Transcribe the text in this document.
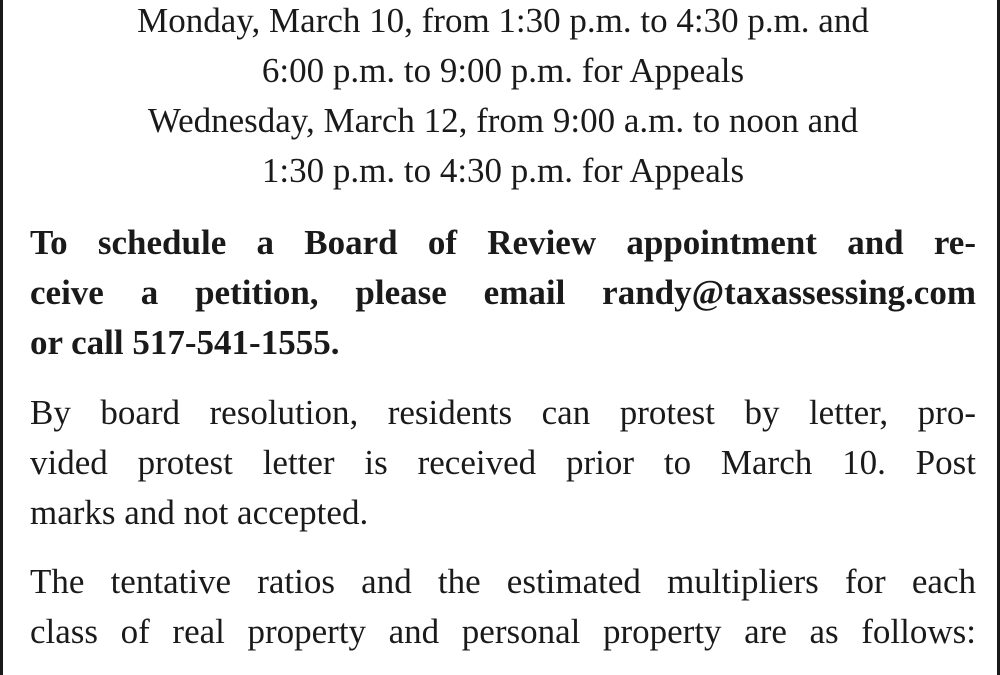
Monday, March 10, from 1:30 p.m. to 4:30 p.m. and
6:00 p.m. to 9:00 p.m. for Appeals
Wednesday, March 12, from 9:00 a.m. to noon and
1:30 p.m. to 4:30 p.m. for Appeals
To schedule a Board of Review appointment and re-
ceive a petition, please email randy@taxassessing.com
or call 517-541-1555.
By board resolution, residents can protest by letter, pro-
vided protest letter is received prior to March 10. Post
marks and not accepted.
The tentative ratios and the estimated multipliers for each
class of real property and personal property are as follows:
